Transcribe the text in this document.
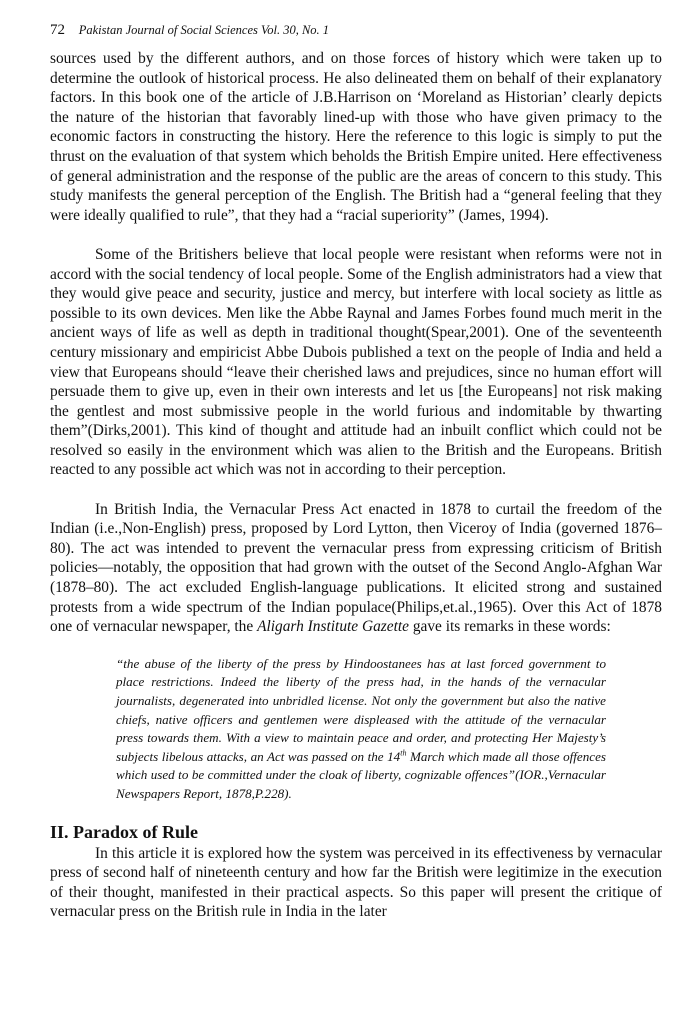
72 Pakistan Journal of Social Sciences Vol. 30, No. 1

sources used by the different authors, and on those forces of history which were taken up to determine the outlook of historical process. He also delineated them on behalf of their explanatory factors. In this book one of the article of J.B.Harrison on ‘Moreland as Historian’ clearly depicts the nature of the historian that favorably lined-up with those who have given primacy to the economic factors in constructing the history. Here the reference to this logic is simply to put the thrust on the evaluation of that system which beholds the British Empire united. Here effectiveness of general administration and the response of the public are the areas of concern to this study. This study manifests the general perception of the English. The British had a “general feeling that they were ideally qualified to rule”, that they had a “racial superiority” (James, 1994).

Some of the Britishers believe that local people were resistant when reforms were not in accord with the social tendency of local people. Some of the English administrators had a view that they would give peace and security, justice and mercy, but interfere with local society as little as possible to its own devices. Men like the Abbe Raynal and James Forbes found much merit in the ancient ways of life as well as depth in traditional thought(Spear,2001). One of the seventeenth century missionary and empiricist Abbe Dubois published a text on the people of India and held a view that Europeans should “leave their cherished laws and prejudices, since no human effort will persuade them to give up, even in their own interests and let us [the Europeans] not risk making the gentlest and most submissive people in the world furious and indomitable by thwarting them”(Dirks,2001). This kind of thought and attitude had an inbuilt conflict which could not be resolved so easily in the environment which was alien to the British and the Europeans. British reacted to any possible act which was not in according to their perception.

In British India, the Vernacular Press Act enacted in 1878 to curtail the freedom of the Indian (i.e.,Non-English) press, proposed by Lord Lytton, then Viceroy of India (governed 1876–80). The act was intended to prevent the vernacular press from expressing criticism of British policies—notably, the opposition that had grown with the outset of the Second Anglo-Afghan War (1878–80). The act excluded English-language publications. It elicited strong and sustained protests from a wide spectrum of the Indian populace(Philips,et.al.,1965). Over this Act of 1878 one of vernacular newspaper, the Aligarh Institute Gazette gave its remarks in these words:

“the abuse of the liberty of the press by Hindoostanees has at last forced government to place restrictions. Indeed the liberty of the press had, in the hands of the vernacular journalists, degenerated into unbridled license. Not only the government but also the native chiefs, native officers and gentlemen were displeased with the attitude of the vernacular press towards them. With a view to maintain peace and order, and protecting Her Majesty’s subjects libelous attacks, an Act was passed on the 14th March which made all those offences which used to be committed under the cloak of liberty, cognizable offences”(IOR.,Vernacular Newspapers Report, 1878,P.228).

II. Paradox of Rule

In this article it is explored how the system was perceived in its effectiveness by vernacular press of second half of nineteenth century and how far the British were legitimize in the execution of their thought, manifested in their practical aspects. So this paper will present the critique of vernacular press on the British rule in India in the later
